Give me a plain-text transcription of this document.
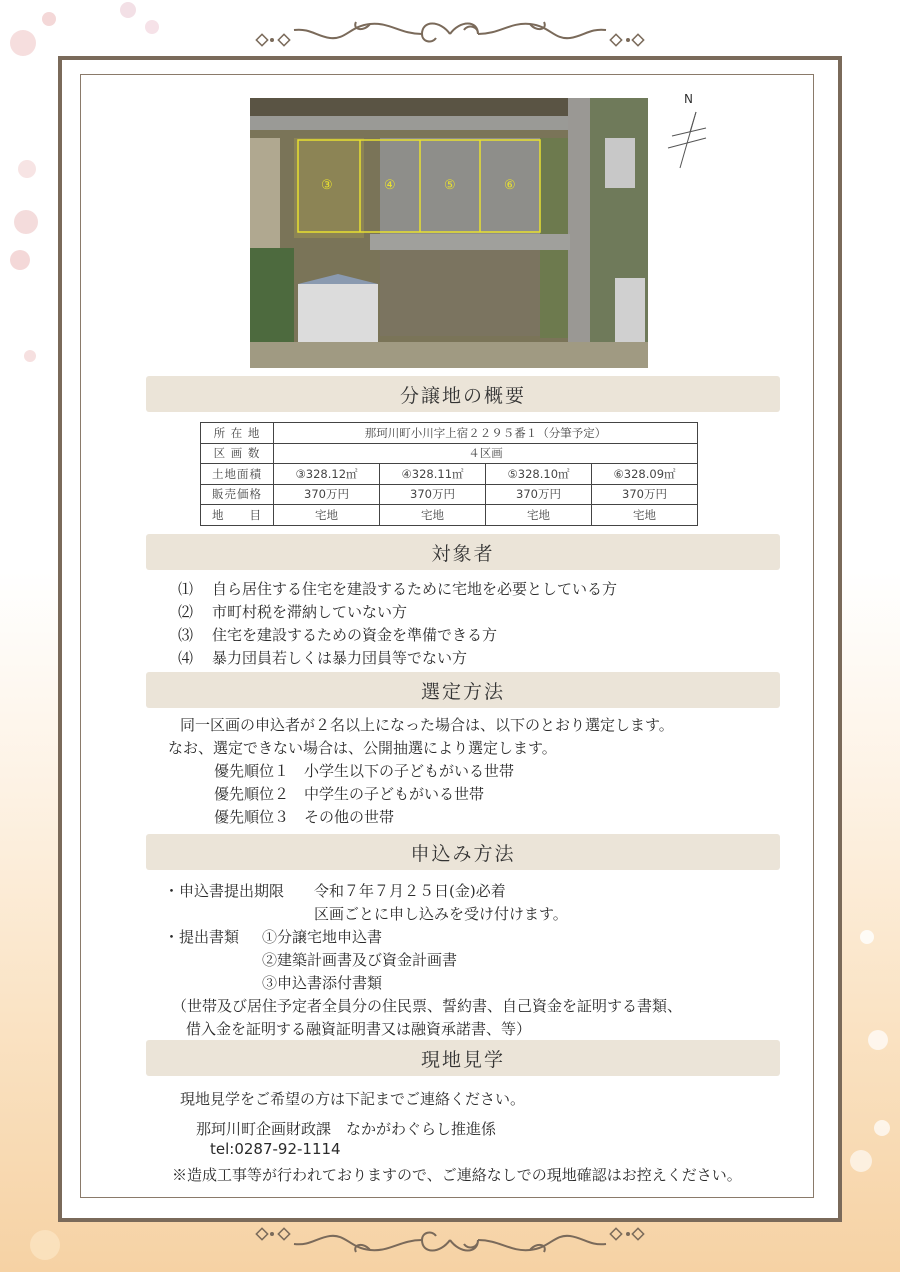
③	④	⑤	⑥
N
分譲地の概要
所 在 地	那珂川町小川字上宿２２９５番１（分筆予定）			
区 画 数	４区画			
土地面積	③328.12㎡	④328.11㎡	⑤328.10㎡	⑥328.09㎡
販売価格	370万円	370万円	370万円	370万円
地　　目	宅地	宅地	宅地	宅地
対象者
⑴	自ら居住する住宅を建設するために宅地を必要としている方
⑵	市町村税を滞納していない方
⑶	住宅を建設するための資金を準備できる方
⑷	暴力団員若しくは暴力団員等でない方
選定方法
同一区画の申込者が２名以上になった場合は、以下のとおり選定します。
なお、選定できない場合は、公開抽選により選定します。
優先順位１　 小学生以下の子どもがいる世帯
優先順位２　 中学生の子どもがいる世帯
優先順位３　 その他の世帯
申込み方法
・申込書提出期限 令和７年７月２５日(金)必着
区画ごとに申し込みを受け付けます。
・提出書類 ①分譲宅地申込書
②建築計画書及び資金計画書
③申込書添付書類
（世帯及び居住予定者全員分の住民票、誓約書、自己資金を証明する書類、
借入金を証明する融資証明書又は融資承諾書、等）
現地見学
現地見学をご希望の方は下記までご連絡ください。
那珂川町企画財政課　なかがわぐらし推進係
tel:0287-92-1114
※造成工事等が行われておりますので、ご連絡なしでの現地確認はお控えください。
